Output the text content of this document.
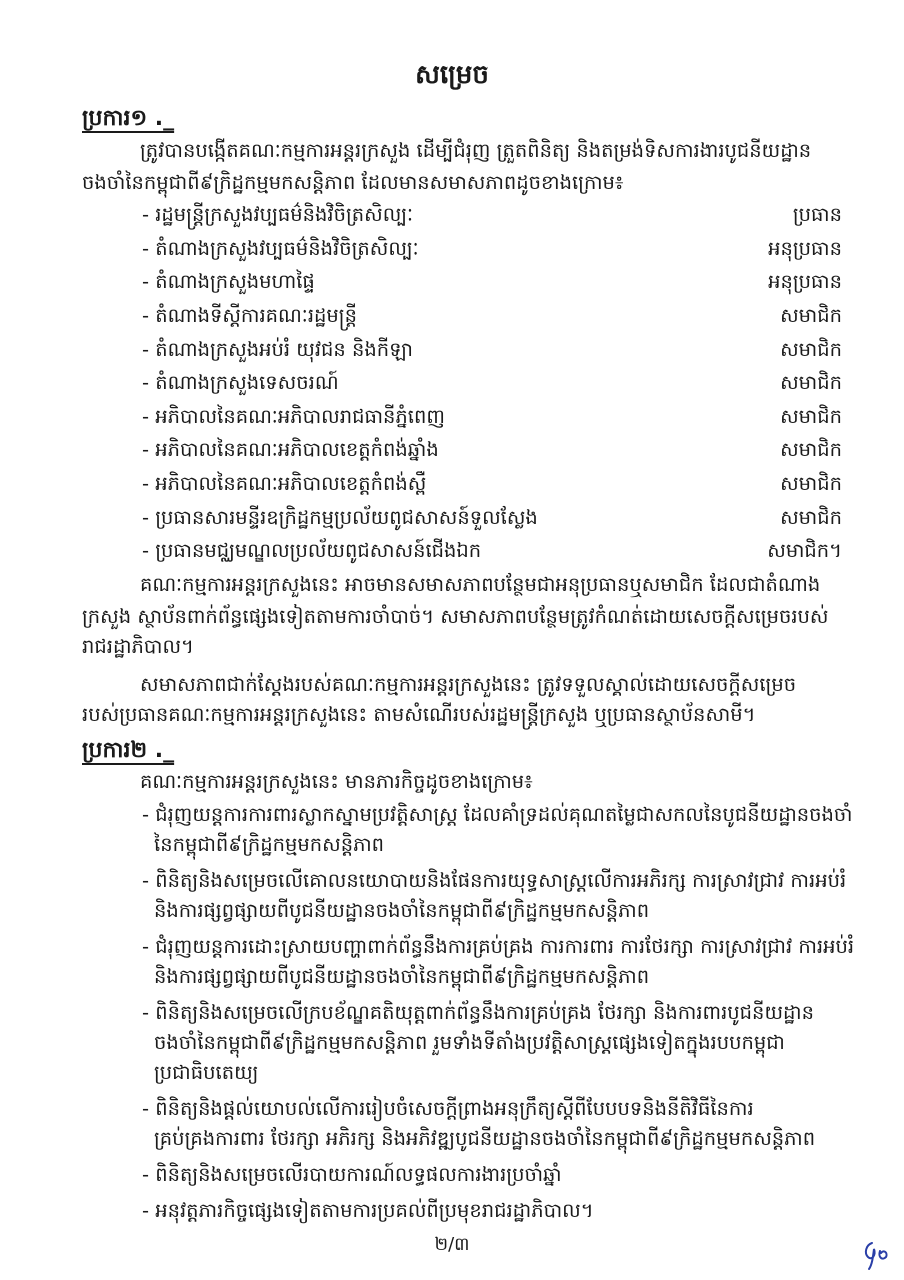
សម្រេច
ប្រការ១ ._
ត្រូវបានបង្កើតគណៈកម្មការអន្តរក្រសួង ដើម្បីជំរុញ ត្រួតពិនិត្យ និងតម្រង់ទិសការងារបូជនីយដ្ឋាន
ចងចាំនៃកម្ពុជាពី៩ក្រិដ្ឋកម្មមកសន្តិភាព ដែលមានសមាសភាពដូចខាងក្រោម៖
- រដ្ឋមន្ត្រីក្រសួងវប្បធម៌និងវិចិត្រសិល្បៈ	ប្រធាន
- តំណាងក្រសួងវប្បធម៌និងវិចិត្រសិល្បៈ	អនុប្រធាន
- តំណាងក្រសួងមហាផ្ទៃ	អនុប្រធាន
- តំណាងទីស្តីការគណៈរដ្ឋមន្ត្រី	សមាជិក
- តំណាងក្រសួងអប់រំ យុវជន និងកីឡា	សមាជិក
- តំណាងក្រសួងទេសចរណ៍	សមាជិក
- អភិបាលនៃគណៈអភិបាលរាជធានីភ្នំពេញ	សមាជិក
- អភិបាលនៃគណៈអភិបាលខេត្តកំពង់ឆ្នាំង	សមាជិក
- អភិបាលនៃគណៈអភិបាលខេត្តកំពង់ស្ពឺ	សមាជិក
- ប្រធានសារមន្ទីរឧក្រិដ្ឋកម្មប្រល័យពូជសាសន៍ទួលស្លែង	សមាជិក
- ប្រធានមជ្ឈមណ្ឌលប្រល័យពូជសាសន៍ជើងឯក	សមាជិក។
គណៈកម្មការអន្តរក្រសួងនេះ អាចមានសមាសភាពបន្ថែមជាអនុប្រធានឬសមាជិក ដែលជាតំណាង
ក្រសួង ស្ថាប័នពាក់ព័ន្ធផ្សេងទៀតតាមការចាំបាច់។ សមាសភាពបន្ថែមត្រូវកំណត់ដោយសេចក្តីសម្រេចរបស់
រាជរដ្ឋាភិបាល។
សមាសភាពជាក់ស្តែងរបស់គណៈកម្មការអន្តរក្រសួងនេះ ត្រូវទទួលស្គាល់ដោយសេចក្តីសម្រេច
របស់ប្រធានគណៈកម្មការអន្តរក្រសួងនេះ តាមសំណើរបស់រដ្ឋមន្ត្រីក្រសួង ឬប្រធានស្ថាប័នសាមី។
ប្រការ២ ._
គណៈកម្មការអន្តរក្រសួងនេះ មានភារកិច្ចដូចខាងក្រោម៖
- ជំរុញយន្តការការពារស្លាកស្នាមប្រវត្តិសាស្ត្រ ដែលគាំទ្រដល់គុណតម្លៃជាសកលនៃបូជនីយដ្ឋានចងចាំ
នៃកម្ពុជាពី៩ក្រិដ្ឋកម្មមកសន្តិភាព
- ពិនិត្យនិងសម្រេចលើគោលនយោបាយនិងផែនការយុទ្ធសាស្ត្រលើការអភិរក្ស ការស្រាវជ្រាវ ការអប់រំ
និងការផ្សព្វផ្សាយពីបូជនីយដ្ឋានចងចាំនៃកម្ពុជាពី៩ក្រិដ្ឋកម្មមកសន្តិភាព
- ជំរុញយន្តការដោះស្រាយបញ្ហាពាក់ព័ន្ធនឹងការគ្រប់គ្រង ការការពារ ការថែរក្សា ការស្រាវជ្រាវ ការអប់រំ
និងការផ្សព្វផ្សាយពីបូជនីយដ្ឋានចងចាំនៃកម្ពុជាពី៩ក្រិដ្ឋកម្មមកសន្តិភាព
- ពិនិត្យនិងសម្រេចលើក្របខ័ណ្ឌគតិយុត្តពាក់ព័ន្ធនឹងការគ្រប់គ្រង ថែរក្សា និងការពារបូជនីយដ្ឋាន
ចងចាំនៃកម្ពុជាពី៩ក្រិដ្ឋកម្មមកសន្តិភាព រួមទាំងទីតាំងប្រវត្តិសាស្ត្រផ្សេងទៀតក្នុងរបបកម្ពុជា
ប្រជាធិបតេយ្យ
- ពិនិត្យនិងផ្តល់យោបល់លើការរៀបចំសេចក្តីព្រាងអនុក្រឹត្យស្តីពីបែបបទនិងនីតិវិធីនៃការ
គ្រប់គ្រងការពារ ថែរក្សា អភិរក្ស និងអភិវឌ្ឍបូជនីយដ្ឋានចងចាំនៃកម្ពុជាពី៩ក្រិដ្ឋកម្មមកសន្តិភាព
- ពិនិត្យនិងសម្រេចលើរបាយការណ៍លទ្ធផលការងារប្រចាំឆ្នាំ
- អនុវត្តភារកិច្ចផ្សេងទៀតតាមការប្រគល់ពីប្រមុខរាជរដ្ឋាភិបាល។
២/៣
